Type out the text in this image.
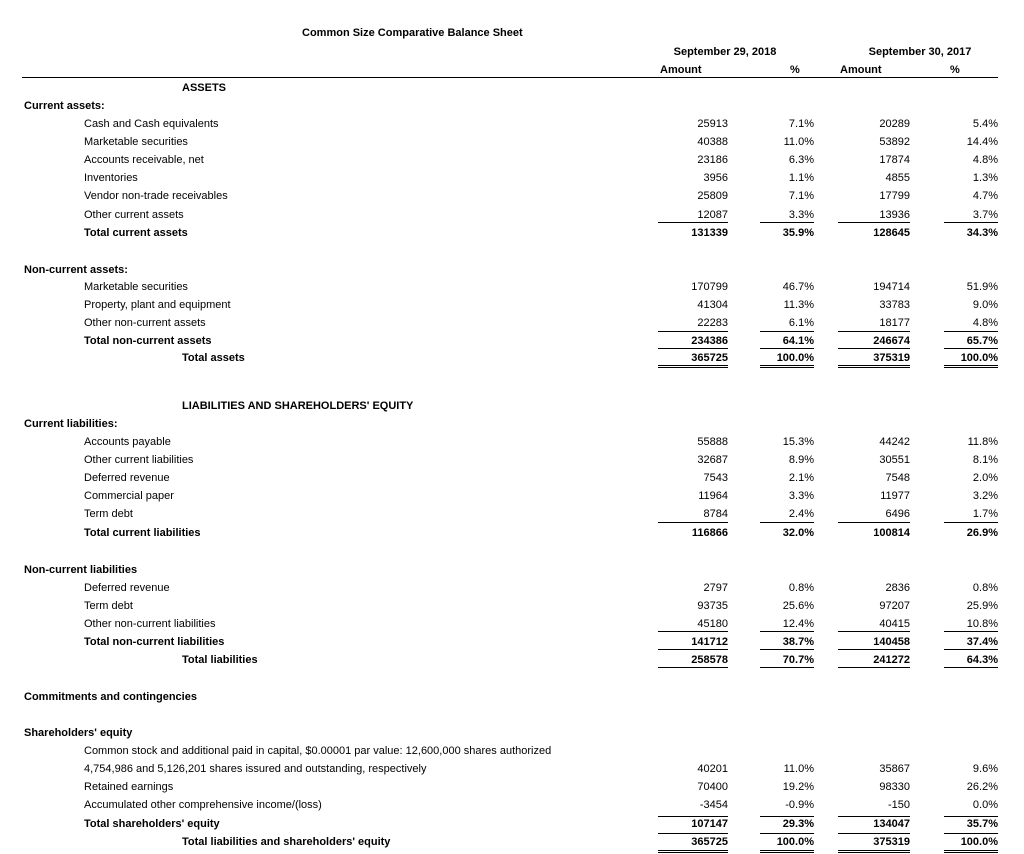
Common Size Comparative Balance Sheet
September 29, 2018	September 30, 2017
Amount	%	Amount	%
ASSETS
Current assets:
Non-current assets:
LIABILITIES AND SHAREHOLDERS' EQUITY
Current liabilities:
Non-current liabilities
Commitments and contingencies
Shareholders' equity
Common stock and additional paid in capital, $0.00001 par value: 12,600,000 shares authorized
Cash and Cash equivalents	25913	7.1%	20289	5.4%
Marketable securities	40388	11.0%	53892	14.4%
Accounts receivable, net	23186	6.3%	17874	4.8%
Inventories	3956	1.1%	4855	1.3%
Vendor non-trade receivables	25809	7.1%	17799	4.7%
Other current assets	12087	3.3%	13936	3.7%
Total current assets	131339	35.9%	128645	34.3%
Marketable securities	170799	46.7%	194714	51.9%
Property, plant and equipment	41304	11.3%	33783	9.0%
Other non-current assets	22283	6.1%	18177	4.8%
Total non-current assets	234386	64.1%	246674	65.7%
Total assets	365725	100.0%	375319	100.0%
Accounts payable	55888	15.3%	44242	11.8%
Other current liabilities	32687	8.9%	30551	8.1%
Deferred revenue	7543	2.1%	7548	2.0%
Commercial paper	11964	3.3%	11977	3.2%
Term debt	8784	2.4%	6496	1.7%
Total current liabilities	116866	32.0%	100814	26.9%
Deferred revenue	2797	0.8%	2836	0.8%
Term debt	93735	25.6%	97207	25.9%
Other non-current liabilities	45180	12.4%	40415	10.8%
Total non-current liabilities	141712	38.7%	140458	37.4%
Total liabilities	258578	70.7%	241272	64.3%
4,754,986 and 5,126,201 shares issured and outstanding, respectively	40201	11.0%	35867	9.6%
Retained earnings	70400	19.2%	98330	26.2%
Accumulated other comprehensive income/(loss)	-3454	-0.9%	-150	0.0%
Total shareholders' equity	107147	29.3%	134047	35.7%
Total liabilities and shareholders' equity	365725	100.0%	375319	100.0%
